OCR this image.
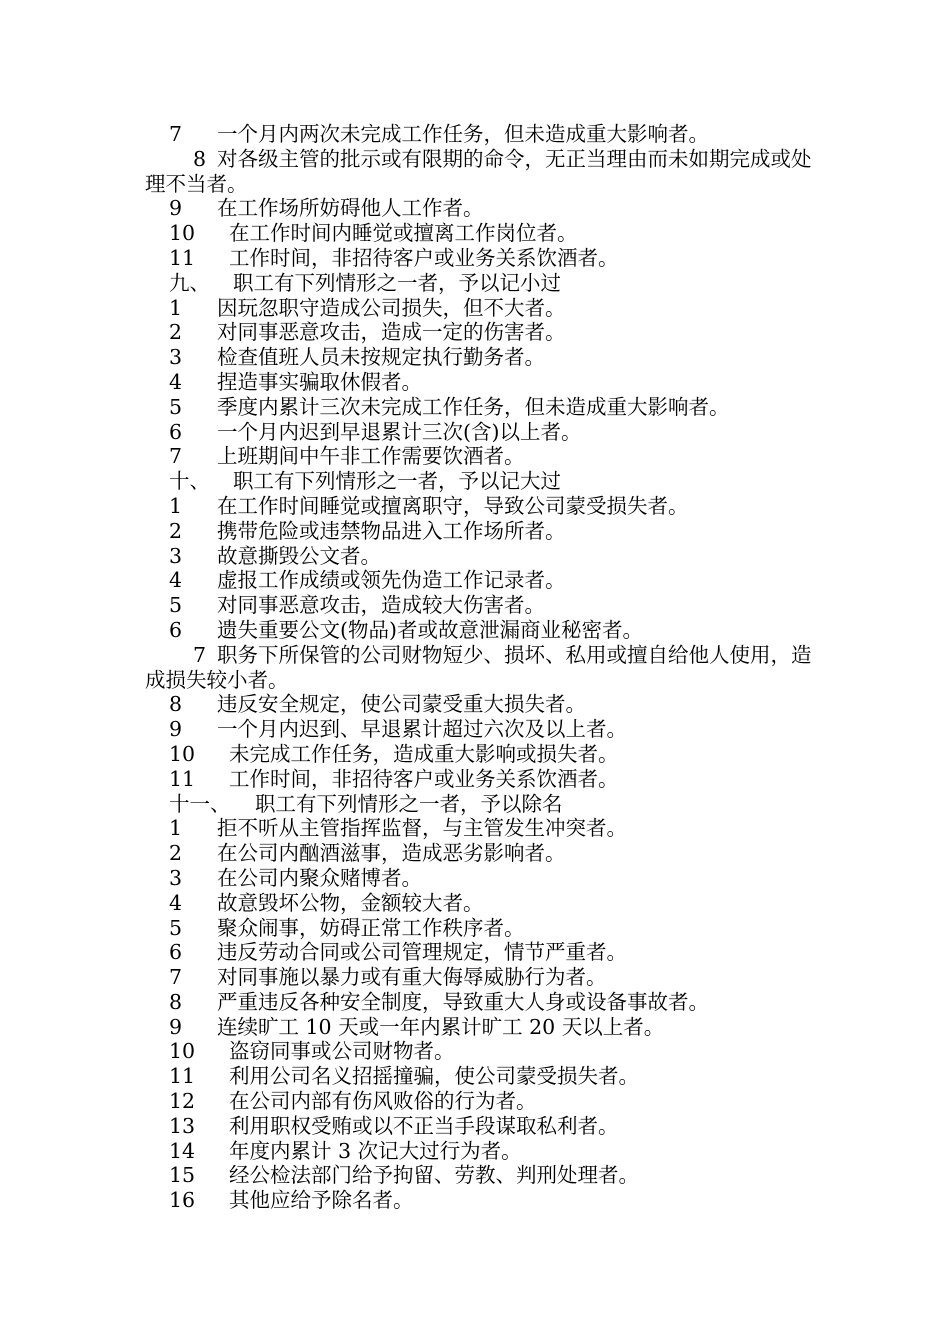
7 一个月内两次未完成工作任务，但未造成重大影响者。
8 对各级主管的批示或有限期的命令，无正当理由而未如期完成或处理不当者。
9 在工作场所妨碍他人工作者。
10 在工作时间内睡觉或擅离工作岗位者。
11 工作时间，非招待客户或业务关系饮酒者。
九、 职工有下列情形之一者，予以记小过
1 因玩忽职守造成公司损失，但不大者。
2 对同事恶意攻击，造成一定的伤害者。
3 检查值班人员未按规定执行勤务者。
4 捏造事实骗取休假者。
5 季度内累计三次未完成工作任务，但未造成重大影响者。
6 一个月内迟到早退累计三次(含)以上者。
7 上班期间中午非工作需要饮酒者。
十、 职工有下列情形之一者，予以记大过
1 在工作时间睡觉或擅离职守，导致公司蒙受损失者。
2 携带危险或违禁物品进入工作场所者。
3 故意撕毁公文者。
4 虚报工作成绩或领先伪造工作记录者。
5 对同事恶意攻击，造成较大伤害者。
6 遗失重要公文(物品)者或故意泄漏商业秘密者。
7 职务下所保管的公司财物短少、损坏、私用或擅自给他人使用，造成损失较小者。
8 违反安全规定，使公司蒙受重大损失者。
9 一个月内迟到、早退累计超过六次及以上者。
10 未完成工作任务，造成重大影响或损失者。
11 工作时间，非招待客户或业务关系饮酒者。
十一、 职工有下列情形之一者，予以除名
1 拒不听从主管指挥监督，与主管发生冲突者。
2 在公司内酗酒滋事，造成恶劣影响者。
3 在公司内聚众赌博者。
4 故意毁坏公物，金额较大者。
5 聚众闹事，妨碍正常工作秩序者。
6 违反劳动合同或公司管理规定，情节严重者。
7 对同事施以暴力或有重大侮辱威胁行为者。
8 严重违反各种安全制度，导致重大人身或设备事故者。
9 连续旷工 10 天或一年内累计旷工 20 天以上者。
10 盗窃同事或公司财物者。
11 利用公司名义招摇撞骗，使公司蒙受损失者。
12 在公司内部有伤风败俗的行为者。
13 利用职权受贿或以不正当手段谋取私利者。
14 年度内累计 3 次记大过行为者。
15 经公检法部门给予拘留、劳教、判刑处理者。
16 其他应给予除名者。
